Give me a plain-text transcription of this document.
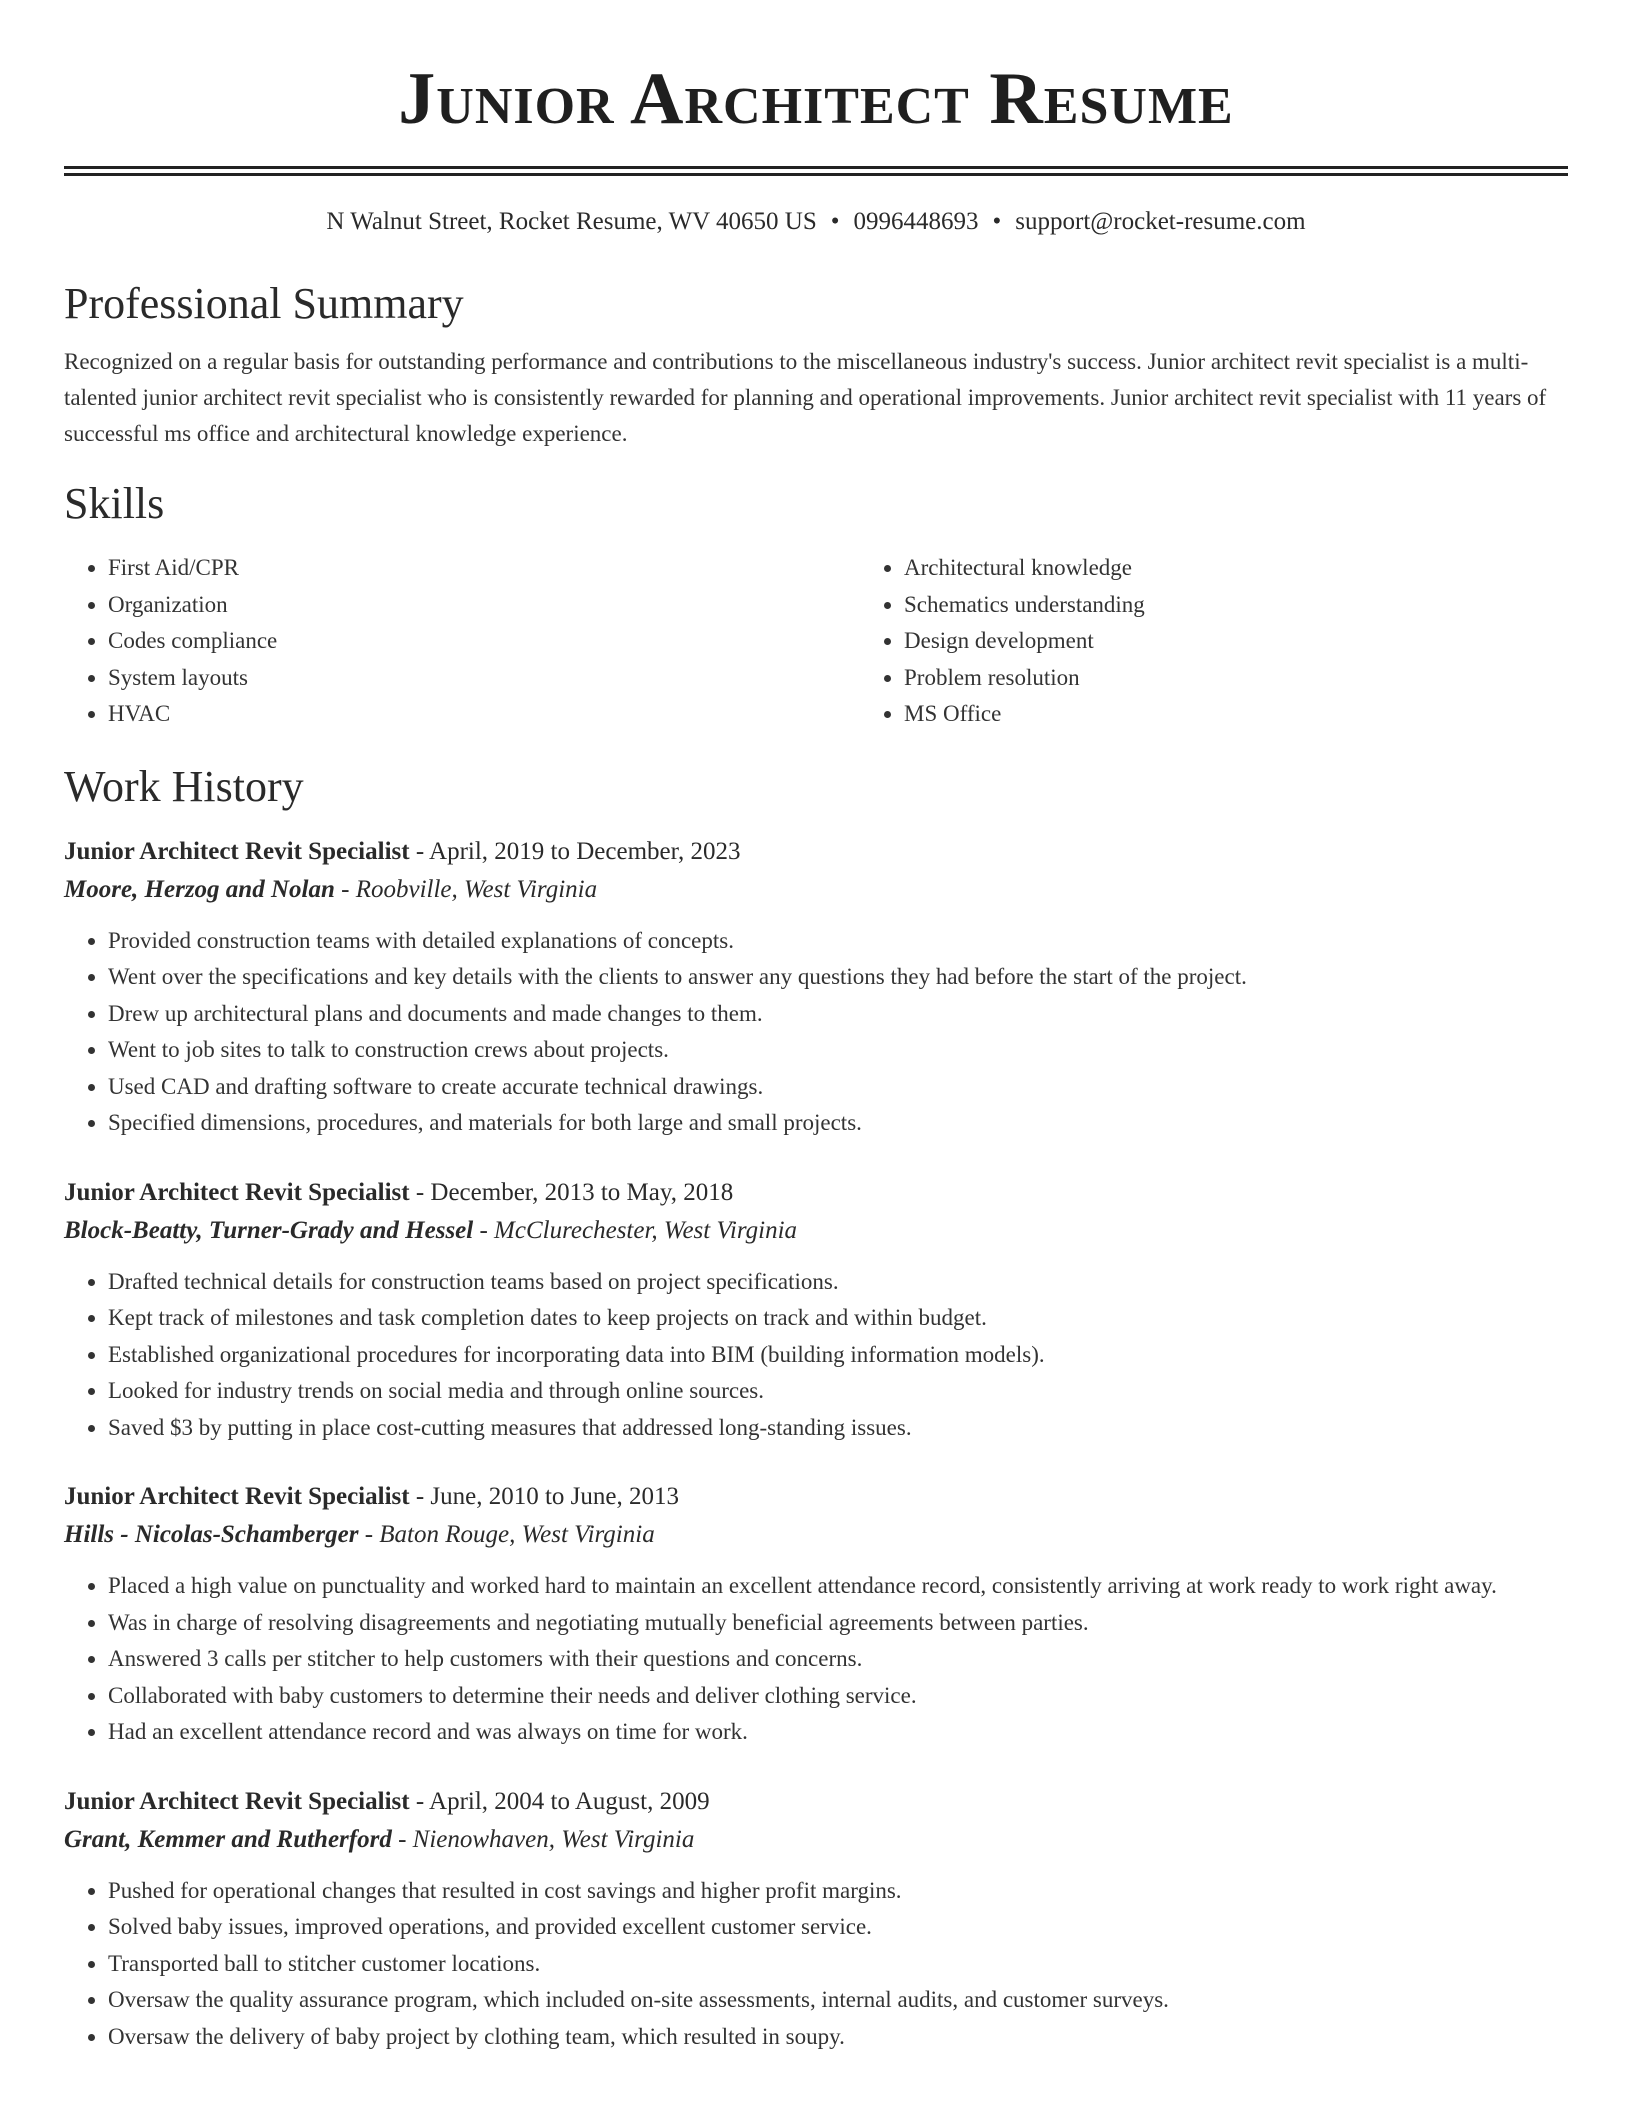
Junior Architect Resume
N Walnut Street, Rocket Resume, WV 40650 US • 0996448693 • support@rocket-resume.com
Professional Summary

Recognized on a regular basis for outstanding performance and contributions to the miscellaneous industry's success. Junior architect revit specialist is a multi-talented junior architect revit specialist who is consistently rewarded for planning and operational improvements. Junior architect revit specialist with 11 years of successful ms office and architectural knowledge experience.

Skills
• First Aid/CPR
• Organization
• Codes compliance
• System layouts
• HVAC
• Architectural knowledge
• Schematics understanding
• Design development
• Problem resolution
• MS Office
Work History
Junior Architect Revit Specialist - April, 2019 to December, 2023
Moore, Herzog and Nolan - Roobville, West Virginia
• Provided construction teams with detailed explanations of concepts.
• Went over the specifications and key details with the clients to answer any questions they had before the start of the project.
• Drew up architectural plans and documents and made changes to them.
• Went to job sites to talk to construction crews about projects.
• Used CAD and drafting software to create accurate technical drawings.
• Specified dimensions, procedures, and materials for both large and small projects.
Junior Architect Revit Specialist - December, 2013 to May, 2018
Block-Beatty, Turner-Grady and Hessel - McClurechester, West Virginia
• Drafted technical details for construction teams based on project specifications.
• Kept track of milestones and task completion dates to keep projects on track and within budget.
• Established organizational procedures for incorporating data into BIM (building information models).
• Looked for industry trends on social media and through online sources.
• Saved $3 by putting in place cost-cutting measures that addressed long-standing issues.
Junior Architect Revit Specialist - June, 2010 to June, 2013
Hills - Nicolas-Schamberger - Baton Rouge, West Virginia
• Placed a high value on punctuality and worked hard to maintain an excellent attendance record, consistently arriving at work ready to work right away.
• Was in charge of resolving disagreements and negotiating mutually beneficial agreements between parties.
• Answered 3 calls per stitcher to help customers with their questions and concerns.
• Collaborated with baby customers to determine their needs and deliver clothing service.
• Had an excellent attendance record and was always on time for work.
Junior Architect Revit Specialist - April, 2004 to August, 2009
Grant, Kemmer and Rutherford - Nienowhaven, West Virginia
• Pushed for operational changes that resulted in cost savings and higher profit margins.
• Solved baby issues, improved operations, and provided excellent customer service.
• Transported ball to stitcher customer locations.
• Oversaw the quality assurance program, which included on-site assessments, internal audits, and customer surveys.
• Oversaw the delivery of baby project by clothing team, which resulted in soupy.
